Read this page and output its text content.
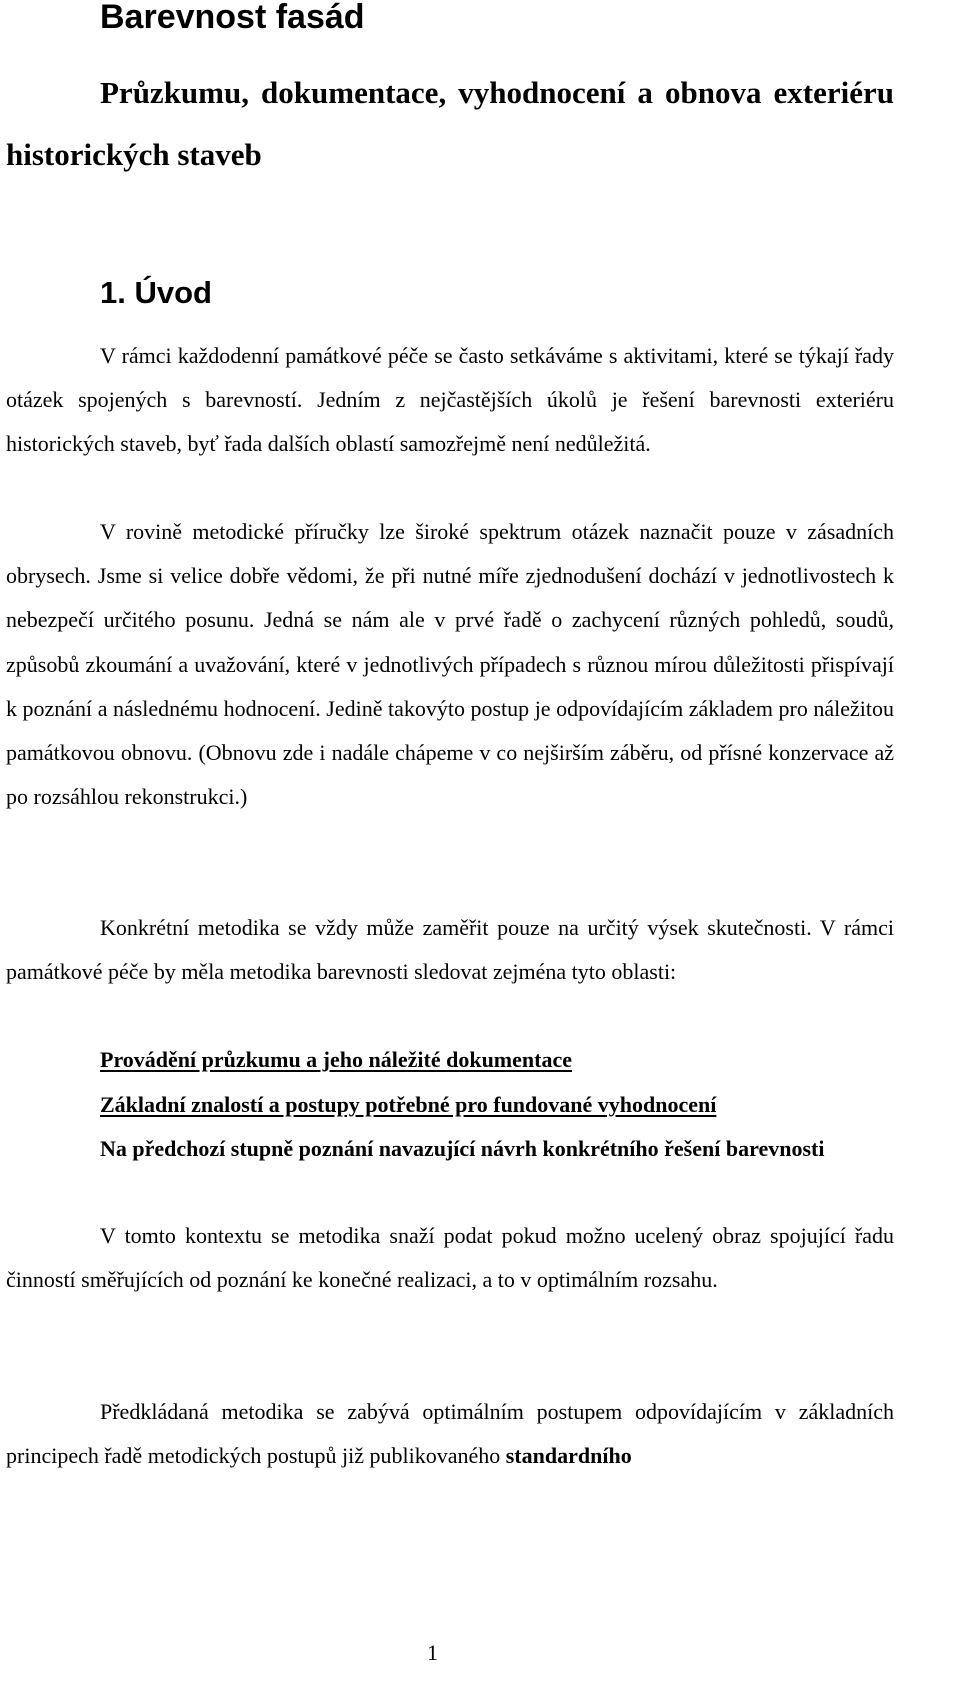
Barevnost fasád

Průzkumu, dokumentace, vyhodnocení a obnova exteriéru historických staveb

1. Úvod

V rámci každodenní památkové péče se často setkáváme s aktivitami, které se týkají řady otázek spojených s barevností. Jedním z nejčastějších úkolů je řešení barevnosti exteriéru historických staveb, byť řada dalších oblastí samozřejmě není nedůležitá.

V rovině metodické příručky lze široké spektrum otázek naznačit pouze v zásadních obrysech. Jsme si velice dobře vědomi, že při nutné míře zjednodušení dochází v jednotlivostech k nebezpečí určitého posunu. Jedná se nám ale v prvé řadě o zachycení různých pohledů, soudů, způsobů zkoumání a uvažování, které v jednotlivých případech s různou mírou důležitosti přispívají k poznání a následnému hodnocení. Jedině takovýto postup je odpovídajícím základem pro náležitou památkovou obnovu. (Obnovu zde i nadále chápeme v co nejširším záběru, od přísné konzervace až po rozsáhlou rekonstrukci.)

Konkrétní metodika se vždy může zaměřit pouze na určitý výsek skutečnosti. V rámci památkové péče by měla metodika barevnosti sledovat zejména tyto oblasti:

Provádění průzkumu a jeho náležité dokumentace

Základní znalostí a postupy potřebné pro fundované vyhodnocení

Na předchozí stupně poznání navazující návrh konkrétního řešení barevnosti

V tomto kontextu se metodika snaží podat pokud možno ucelený obraz spojující řadu činností směřujících od poznání ke konečné realizaci, a to v optimálním rozsahu.

Předkládaná metodika se zabývá optimálním postupem odpovídajícím v základních principech řadě metodických postupů již publikovaného standardního

1
